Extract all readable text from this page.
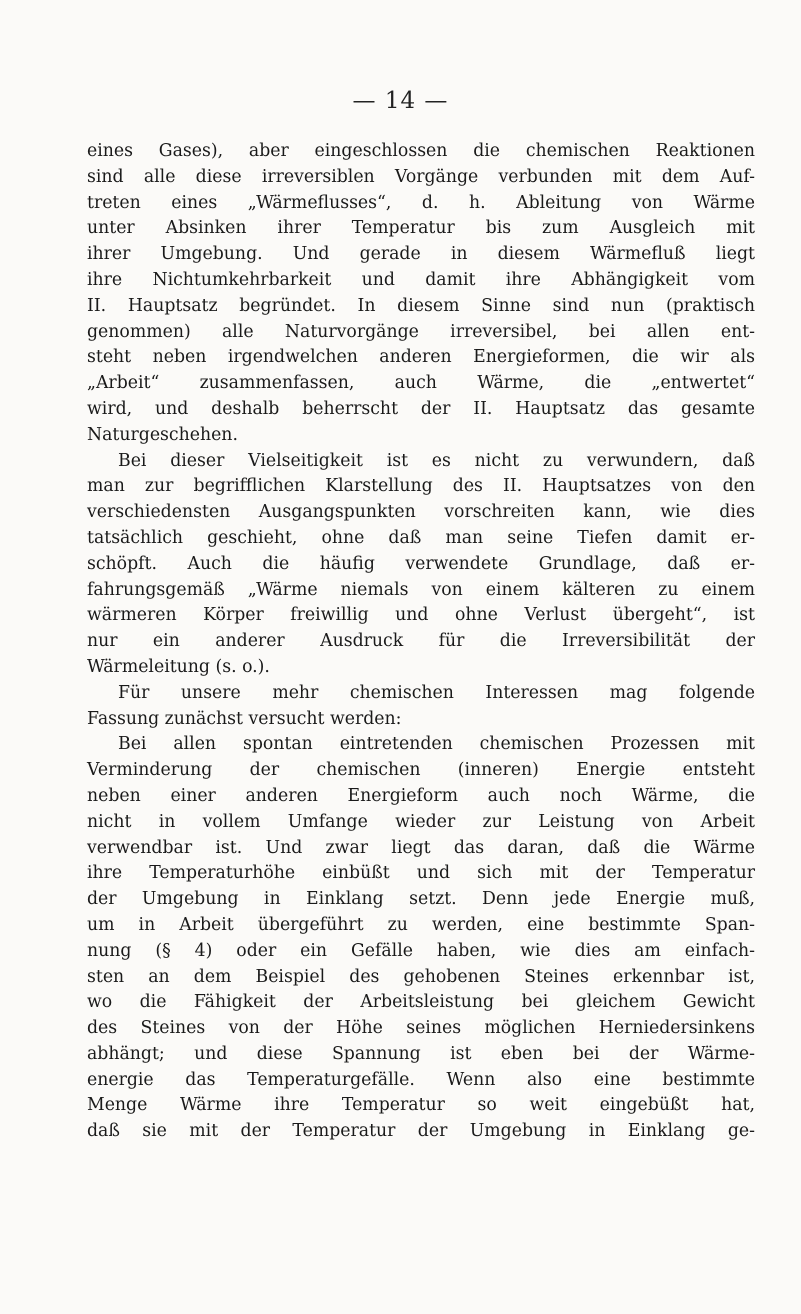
— 14 —
eines Gases), aber eingeschlossen die chemischen Reaktionen
sind alle diese irreversiblen Vorgänge verbunden mit dem Auf-
treten eines „Wärmeflusses“, d. h. Ableitung von Wärme
unter Absinken ihrer Temperatur bis zum Ausgleich mit
ihrer Umgebung. Und gerade in diesem Wärmefluß liegt
ihre Nichtumkehrbarkeit und damit ihre Abhängigkeit vom
II. Hauptsatz begründet. In diesem Sinne sind nun (praktisch
genommen) alle Naturvorgänge irreversibel, bei allen ent-
steht neben irgendwelchen anderen Energieformen, die wir als
„Arbeit“ zusammenfassen, auch Wärme, die „entwertet“
wird, und deshalb beherrscht der II. Hauptsatz das gesamte
Naturgeschehen.
Bei dieser Vielseitigkeit ist es nicht zu verwundern, daß
man zur begrifflichen Klarstellung des II. Hauptsatzes von den
verschiedensten Ausgangspunkten vorschreiten kann, wie dies
tatsächlich geschieht, ohne daß man seine Tiefen damit er-
schöpft. Auch die häufig verwendete Grundlage, daß er-
fahrungsgemäß „Wärme niemals von einem kälteren zu einem
wärmeren Körper freiwillig und ohne Verlust übergeht“, ist
nur ein anderer Ausdruck für die Irreversibilität der
Wärmeleitung (s. o.).
Für unsere mehr chemischen Interessen mag folgende
Fassung zunächst versucht werden:
Bei allen spontan eintretenden chemischen Prozessen mit
Verminderung der chemischen (inneren) Energie entsteht
neben einer anderen Energieform auch noch Wärme, die
nicht in vollem Umfange wieder zur Leistung von Arbeit
verwendbar ist. Und zwar liegt das daran, daß die Wärme
ihre Temperaturhöhe einbüßt und sich mit der Temperatur
der Umgebung in Einklang setzt. Denn jede Energie muß,
um in Arbeit übergeführt zu werden, eine bestimmte Span-
nung (§ 4) oder ein Gefälle haben, wie dies am einfach-
sten an dem Beispiel des gehobenen Steines erkennbar ist,
wo die Fähigkeit der Arbeitsleistung bei gleichem Gewicht
des Steines von der Höhe seines möglichen Herniedersinkens
abhängt; und diese Spannung ist eben bei der Wärme-
energie das Temperaturgefälle. Wenn also eine bestimmte
Menge Wärme ihre Temperatur so weit eingebüßt hat,
daß sie mit der Temperatur der Umgebung in Einklang ge-
